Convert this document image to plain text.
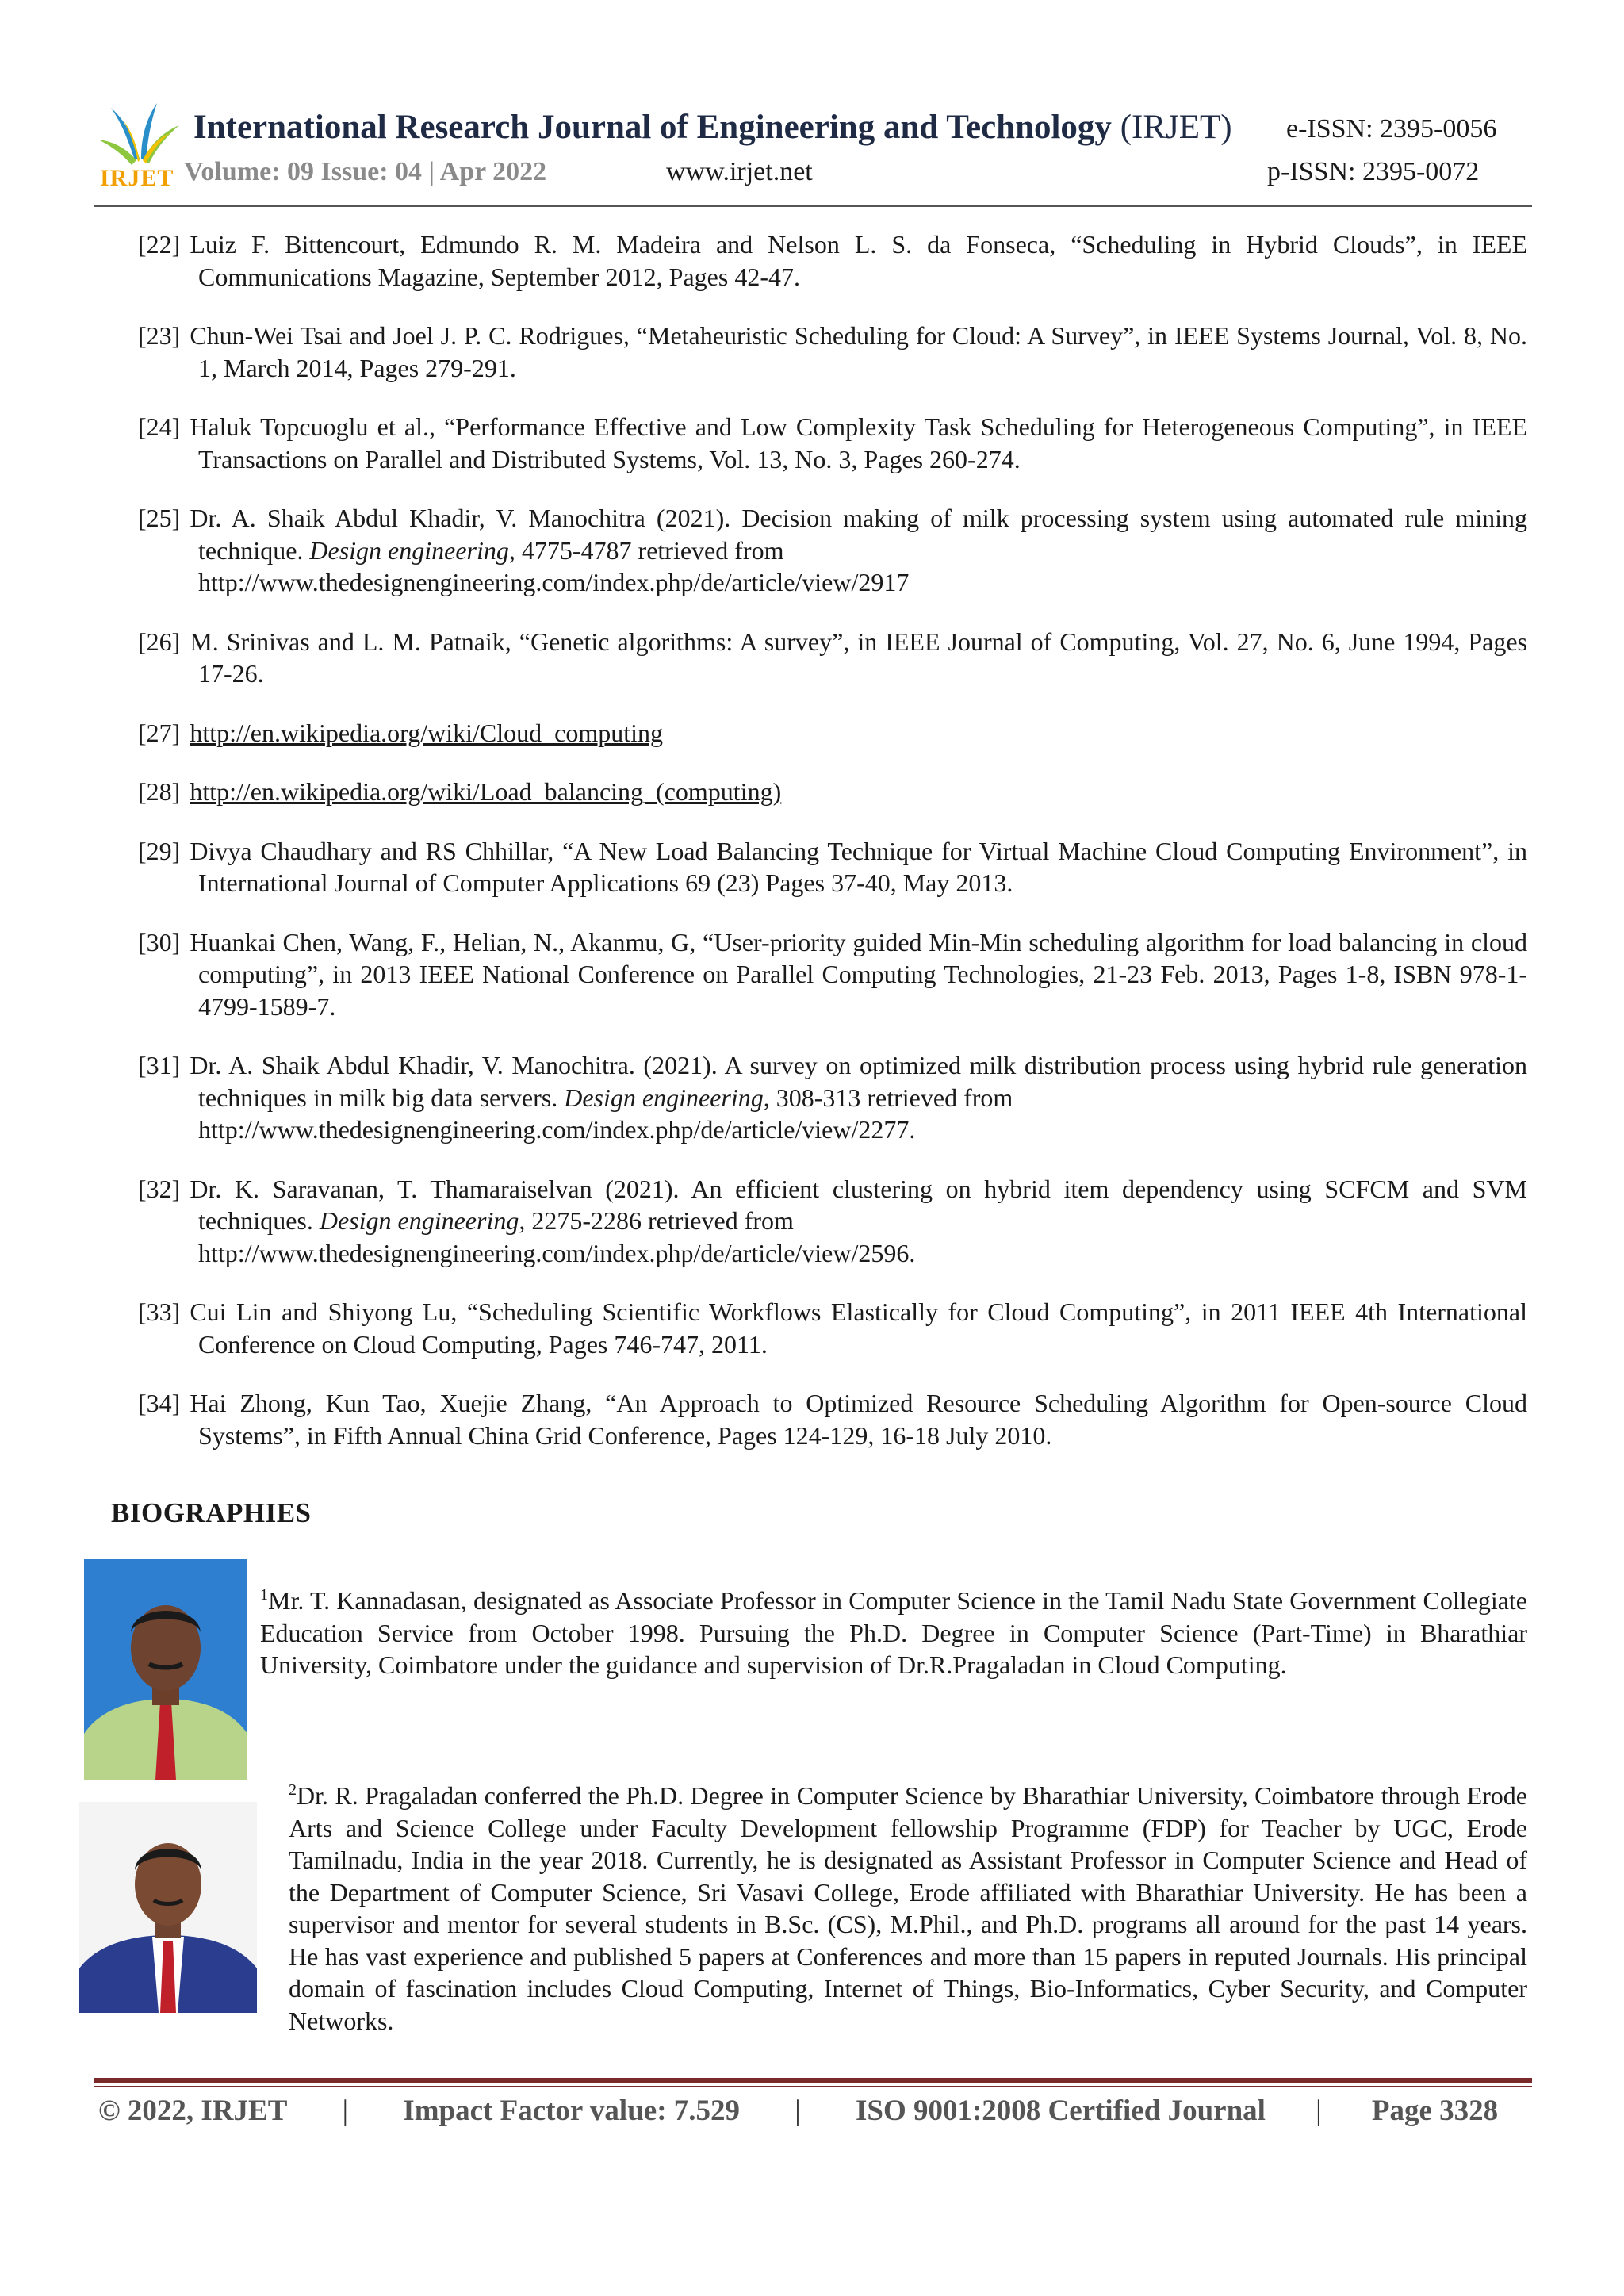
IRJET
International Research Journal of Engineering and Technology (IRJET) e-ISSN: 2395-0056
Volume: 09 Issue: 04 | Apr 2022	www.irjet.net	p-ISSN: 2395-0072
[22] Luiz F. Bittencourt, Edmundo R. M. Madeira and Nelson L. S. da Fonseca, “Scheduling in Hybrid Clouds”, in IEEE Communications Magazine, September 2012, Pages 42-47.
[23] Chun-Wei Tsai and Joel J. P. C. Rodrigues, “Metaheuristic Scheduling for Cloud: A Survey”, in IEEE Systems Journal, Vol. 8, No. 1, March 2014, Pages 279-291.
[24] Haluk Topcuoglu et al., “Performance Effective and Low Complexity Task Scheduling for Heterogeneous Computing”, in IEEE Transactions on Parallel and Distributed Systems, Vol. 13, No. 3, Pages 260-274.
[25] Dr. A. Shaik Abdul Khadir, V. Manochitra (2021). Decision making of milk processing system using automated rule mining technique. Design engineering, 4775-4787 retrieved from
http://www.thedesignengineering.com/index.php/de/article/view/2917
[26] M. Srinivas and L. M. Patnaik, “Genetic algorithms: A survey”, in IEEE Journal of Computing, Vol. 27, No. 6, June 1994, Pages 17-26.
[27] http://en.wikipedia.org/wiki/Cloud_computing
[28] http://en.wikipedia.org/wiki/Load_balancing_(computing)
[29] Divya Chaudhary and RS Chhillar, “A New Load Balancing Technique for Virtual Machine Cloud Computing Environment”, in International Journal of Computer Applications 69 (23) Pages 37-40, May 2013.
[30] Huankai Chen, Wang, F., Helian, N., Akanmu, G, “User-priority guided Min-Min scheduling algorithm for load balancing in cloud computing”, in 2013 IEEE National Conference on Parallel Computing Technologies, 21-23 Feb. 2013, Pages 1-8, ISBN 978-1-4799-1589-7.
[31] Dr. A. Shaik Abdul Khadir, V. Manochitra. (2021). A survey on optimized milk distribution process using hybrid rule generation techniques in milk big data servers. Design engineering, 308-313 retrieved from
http://www.thedesignengineering.com/index.php/de/article/view/2277.
[32] Dr. K. Saravanan, T. Thamaraiselvan (2021). An efficient clustering on hybrid item dependency using SCFCM and SVM techniques. Design engineering, 2275-2286 retrieved from
http://www.thedesignengineering.com/index.php/de/article/view/2596.
[33] Cui Lin and Shiyong Lu, “Scheduling Scientific Workflows Elastically for Cloud Computing”, in 2011 IEEE 4th International Conference on Cloud Computing, Pages 746-747, 2011.
[34] Hai Zhong, Kun Tao, Xuejie Zhang, “An Approach to Optimized Resource Scheduling Algorithm for Open-source Cloud Systems”, in Fifth Annual China Grid Conference, Pages 124-129, 16-18 July 2010.
BIOGRAPHIES
$^1$Mr. T. Kannadasan, designated as Associate Professor in Computer Science in the Tamil Nadu State Government Collegiate Education Service from October 1998. Pursuing the Ph.D. Degree in Computer Science (Part-Time) in Bharathiar University, Coimbatore under the guidance and supervision of Dr.R.Pragaladan in Cloud Computing.
$^2$Dr. R. Pragaladan conferred the Ph.D. Degree in Computer Science by Bharathiar University, Coimbatore through Erode Arts and Science College under Faculty Development fellowship Programme (FDP) for Teacher by UGC, Erode Tamilnadu, India in the year 2018. Currently, he is designated as Assistant Professor in Computer Science and Head of the Department of Computer Science, Sri Vasavi College, Erode affiliated with Bharathiar University. He has been a supervisor and mentor for several students in B.Sc. (CS), M.Phil., and Ph.D. programs all around for the past 14 years. He has vast experience and published 5 papers at Conferences and more than 15 papers in reputed Journals. His principal domain of fascination includes Cloud Computing, Internet of Things, Bio-Informatics, Cyber Security, and Computer Networks.
© 2022, IRJET | Impact Factor value: 7.529 | ISO 9001:2008 Certified Journal | Page 3328
